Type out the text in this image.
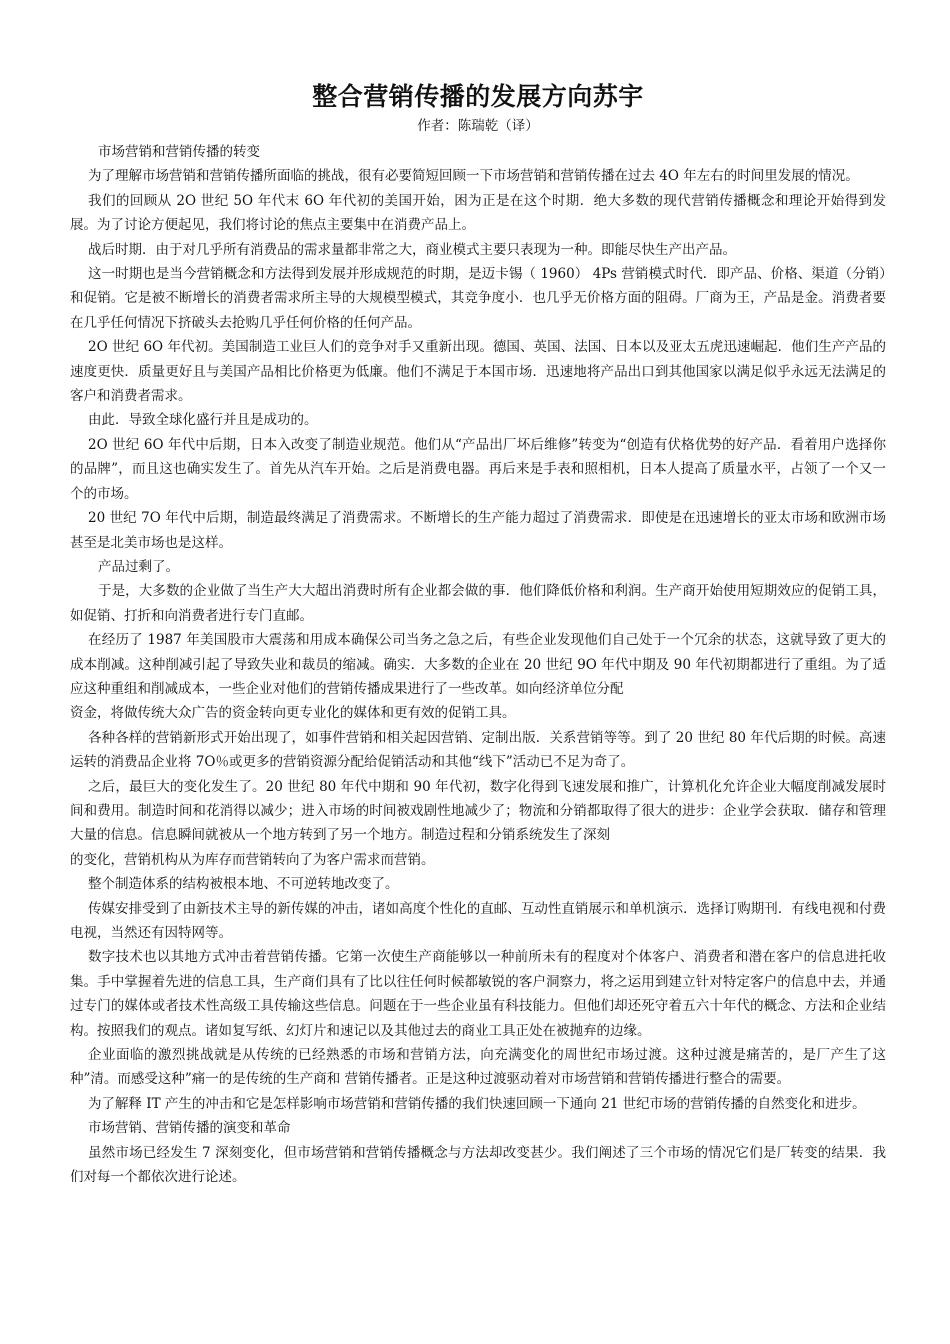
整合营销传播的发展方向苏宇
作者：陈瑞乾（译）

市场营销和营销传播的转变

为了理解市场营销和营销传播所面临的挑战，很有必要简短回顾一下市场营销和营销传播在过去 4O 年左右的时间里发展的情况。

我们的回顾从 2O 世纪 5O 年代末 6O 年代初的美国开始，困为正是在这个时期．绝大多数的现代营销传播概念和理论开始得到发展。为了讨论方便起见，我们将讨论的焦点主要集中在消费产品上。

战后时期．由于对几乎所有消费品的需求量都非常之大，商业模式主要只表现为一种。即能尽快生产出产品。

这一时期也是当今营销概念和方法得到发展并形成规范的时期，是迈卡锡（ 1960） 4Ps 营销模式时代．即产品、价格、渠道（分销）和促销。它是被不断增长的消费者需求所主导的大规模型模式，其竞争度小．也几乎无价格方面的阻碍。厂商为王，产品是金。消费者要在几乎任何情况下挤破头去抢购几乎任何价格的任何产品。

2O 世纪 6O 年代初。美国制造工业巨人们的竞争对手又重新出现。德国、英国、法国、日本以及亚太五虎迅速崛起．他们生产产品的速度更快．质量更好且与美国产品相比价格更为低廉。他们不满足于本国市场．迅速地将产品出口到其他国家以满足似乎永远无法满足的客户和消费者需求。

由此．导致全球化盛行并且是成功的。

2O 世纪 6O 年代中后期，日本入改变了制造业规范。他们从“产品出厂坏后维修”转变为“创造有伏格优势的好产品．看着用户选择你的品牌”，而且这也确实发生了。首先从汽车开始。之后是消费电器。再后来是手表和照相机，日本人提高了质量水平，占领了一个又一个的市场。

20 世纪 7O 年代中后期，制造最终满足了消费需求。不断增长的生产能力超过了消费需求．即使是在迅速增长的亚太市场和欧洲市场甚至是北美市场也是这样。

产品过剩了。

于是，大多数的企业做了当生产大大超出消费时所有企业都会做的事．他们降低价格和利润。生产商开始使用短期效应的促销工具，如促销、打折和向消费者进行专门直邮。

在经历了 1987 年美国股市大震荡和用成本确保公司当务之急之后，有些企业发现他们自己处于一个冗余的状态，这就导致了更大的成本削减。这种削减引起了导致失业和裁员的缩减。确实．大多数的企业在 20 世纪 9O 年代中期及 90 年代初期都进行了重组。为了适应这种重组和削减成本，一些企业对他们的营销传播成果进行了一些改革。如向经济单位分配

资金，将做传统大众广告的资金转向更专业化的媒体和更有效的促销工具。

各种各样的营销新形式开始出现了，如事件营销和相关起因营销、定制出版．关系营销等等。到了 20 世纪 80 年代后期的时候。高速运转的消费品企业将 7O％或更多的营销资源分配给促销活动和其他“线下”活动已不足为奇了。

之后，最巨大的变化发生了。20 世纪 80 年代中期和 90 年代初，数字化得到飞速发展和推广，计算机化允许企业大幅度削减发展时间和费用。制造时间和花消得以减少；进入市场的时间被戏剧性地减少了；物流和分销都取得了很大的进步：企业学会获取．储存和管理大量的信息。信息瞬间就被从一个地方转到了另一个地方。制造过程和分销系统发生了深刻

的变化，营销机构从为库存而营销转向了为客户需求而营销。

整个制造体系的结构被根本地、不可逆转地改变了。

传媒安排受到了由新技术主导的新传媒的冲击，诸如高度个性化的直邮、互动性直销展示和单机演示．选择订购期刊．有线电视和付费电视，当然还有因特网等。

数字技术也以其地方式冲击着营销传播。它第一次使生产商能够以一种前所未有的程度对个体客户、消费者和潜在客户的信息进托收集。手中掌握着先进的信息工具，生产商们具有了比以往任何时候都敏锐的客户洞察力，将之运用到建立针对特定客户的信息中去，并通过专门的媒体或者技术性高级工具传输这些信息。问题在于一些企业虽有科技能力。但他们却还死守着五六十年代的概念、方法和企业结构。按照我们的观点。诸如复写纸、幻灯片和速记以及其他过去的商业工具正处在被抛弃的边缘。

企业面临的激烈挑战就是从传统的已经熟悉的市场和营销方法，向充满变化的周世纪市场过渡。这种过渡是痛苦的，是厂产生了这种”清。而感受这种”痛一的是传统的生产商和 营销传播者。正是这种过渡驱动着对市场营销和营销传播进行整合的需要。

为了解释 IT 产生的冲击和它是怎样影响市场营销和营销传播的我们快速回顾一下通向 21 世纪市场的营销传播的自然变化和进步。

市场营销、营销传播的演变和革命

虽然市场已经发生 7 深刻变化，但市场营销和营销传播概念与方法却改变甚少。我们阐述了三个市场的情况它们是厂转变的结果．我们对每一个都依次进行论述。
